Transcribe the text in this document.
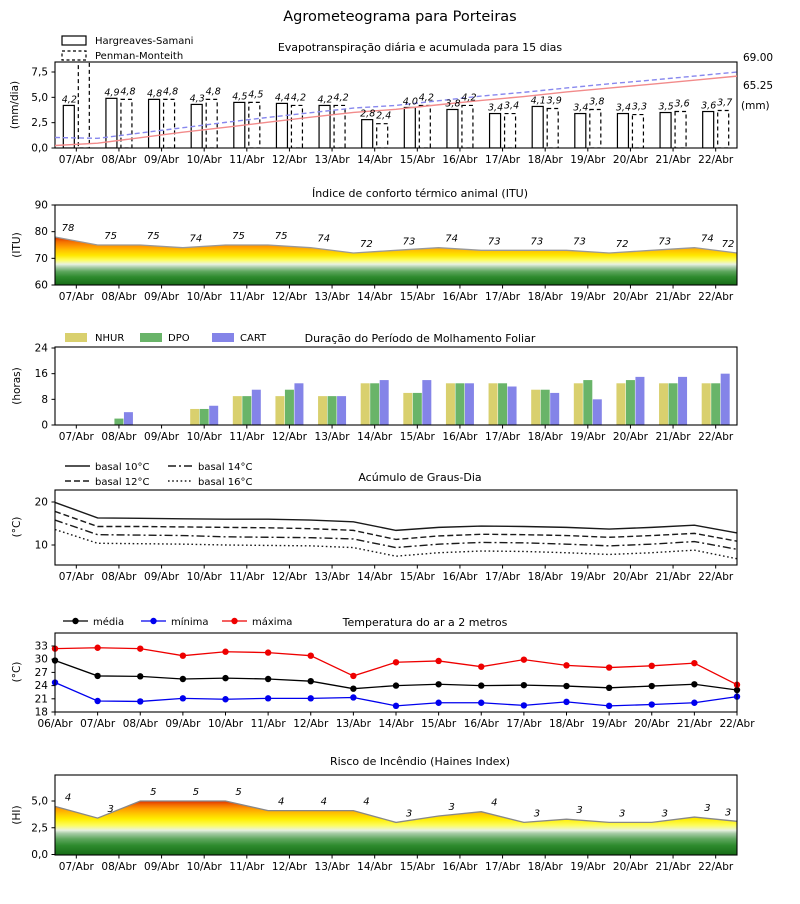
Agrometeograma para Porteiras
Hargreaves-Samani
Penman-Monteith
Evapotranspiração diária e acumulada para 15 dias
(mm/dia)
69.00
65.25
(mm)
0,0
2,5
5,0
7,5
07/Abr 08/Abr 09/Abr 10/Abr 11/Abr 12/Abr 13/Abr 14/Abr 15/Abr 16/Abr 17/Abr 18/Abr 19/Abr 20/Abr 21/Abr 22/Abr
4,2
4,9 4,8 4,8 4,8
4,3
4,8 4,5 4,5 4,4 4,2 4,2 4,2
2,8 2,4
4,0 4,2
3,8
4,2
3,4 3,4 4,1 3,9
3,4
3,8
3,4 3,3 3,5 3,6 3,6 3,7
Índice de conforto térmico animal (ITU)
(ITU)
78
75	75	74	75	75	74	72	73	74	73	73	73	72	73	74 72
60
70
80
90
07/Abr 08/Abr 09/Abr 10/Abr 11/Abr 12/Abr 13/Abr 14/Abr 15/Abr 16/Abr 17/Abr 18/Abr 19/Abr 20/Abr 21/Abr 22/Abr
NHUR	DPO	CART	Duração do Período de Molhamento Foliar
(horas)
0
8
16
24
07/Abr 08/Abr 09/Abr 10/Abr 11/Abr 12/Abr 13/Abr 14/Abr 15/Abr 16/Abr 17/Abr 18/Abr 19/Abr 20/Abr 21/Abr 22/Abr
basal 10°C
basal 12°C
basal 14°C
basal 16°C	Acúmulo de Graus-Dia
(°C)
10
20
07/Abr 08/Abr 09/Abr 10/Abr 11/Abr 12/Abr 13/Abr 14/Abr 15/Abr 16/Abr 17/Abr 18/Abr 19/Abr 20/Abr 21/Abr 22/Abr
média	mínima	máxima	Temperatura do ar a 2 metros
(°C)
18
21
24
27
30
33
06/Abr 07/Abr 08/Abr 09/Abr 10/Abr 11/Abr 12/Abr 13/Abr 14/Abr 15/Abr 16/Abr 17/Abr 18/Abr 19/Abr 20/Abr 21/Abr 22/Abr
Risco de Incêndio (Haines Index)
(HI)
4
3
5	5	5
4	4	4
3
3	4
3	3	3	3	3 3
0,0
2,5
5,0
07/Abr 08/Abr 09/Abr 10/Abr 11/Abr 12/Abr 13/Abr 14/Abr 15/Abr 16/Abr 17/Abr 18/Abr 19/Abr 20/Abr 21/Abr 22/Abr
